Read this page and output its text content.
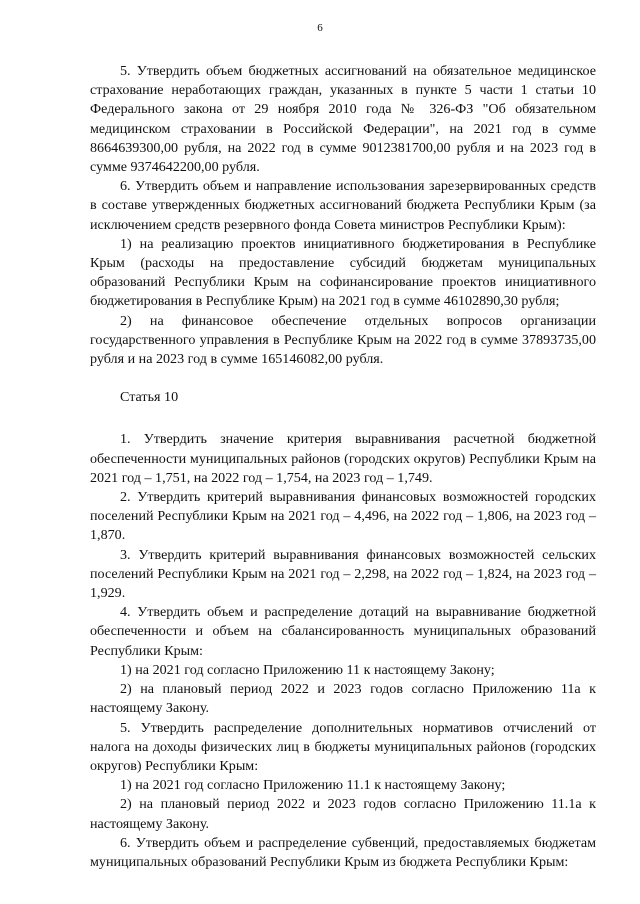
6

5. Утвердить объем бюджетных ассигнований на обязательное медицинское страхование неработающих граждан, указанных в пункте 5 части 1 статьи 10 Федерального закона от 29 ноября 2010 года № 326-ФЗ "Об обязательном медицинском страховании в Российской Федерации", на 2021 год в сумме 8664639300,00 рубля, на 2022 год в сумме 9012381700,00 рубля и на 2023 год в сумме 9374642200,00 рубля.

6. Утвердить объем и направление использования зарезервированных средств в составе утвержденных бюджетных ассигнований бюджета Республики Крым (за исключением средств резервного фонда Совета министров Республики Крым):

1) на реализацию проектов инициативного бюджетирования в Республике Крым (расходы на предоставление субсидий бюджетам муниципальных образований Республики Крым на софинансирование проектов инициативного бюджетирования в Республике Крым) на 2021 год в сумме 46102890,30 рубля;

2) на финансовое обеспечение отдельных вопросов организации государственного управления в Республике Крым на 2022 год в сумме 37893735,00 рубля и на 2023 год в сумме 165146082,00 рубля.

Статья 10

1. Утвердить значение критерия выравнивания расчетной бюджетной обеспеченности муниципальных районов (городских округов) Республики Крым на 2021 год – 1,751, на 2022 год – 1,754, на 2023 год – 1,749.

2. Утвердить критерий выравнивания финансовых возможностей городских поселений Республики Крым на 2021 год – 4,496, на 2022 год – 1,806, на 2023 год – 1,870.

3. Утвердить критерий выравнивания финансовых возможностей сельских поселений Республики Крым на 2021 год – 2,298, на 2022 год – 1,824, на 2023 год – 1,929.

4. Утвердить объем и распределение дотаций на выравнивание бюджетной обеспеченности и объем на сбалансированность муниципальных образований Республики Крым:

1) на 2021 год согласно Приложению 11 к настоящему Закону;

2) на плановый период 2022 и 2023 годов согласно Приложению 11а к настоящему Закону.

5. Утвердить распределение дополнительных нормативов отчислений от налога на доходы физических лиц в бюджеты муниципальных районов (городских округов) Республики Крым:

1) на 2021 год согласно Приложению 11.1 к настоящему Закону;

2) на плановый период 2022 и 2023 годов согласно Приложению 11.1а к настоящему Закону.

6. Утвердить объем и распределение субвенций, предоставляемых бюджетам муниципальных образований Республики Крым из бюджета Республики Крым:
